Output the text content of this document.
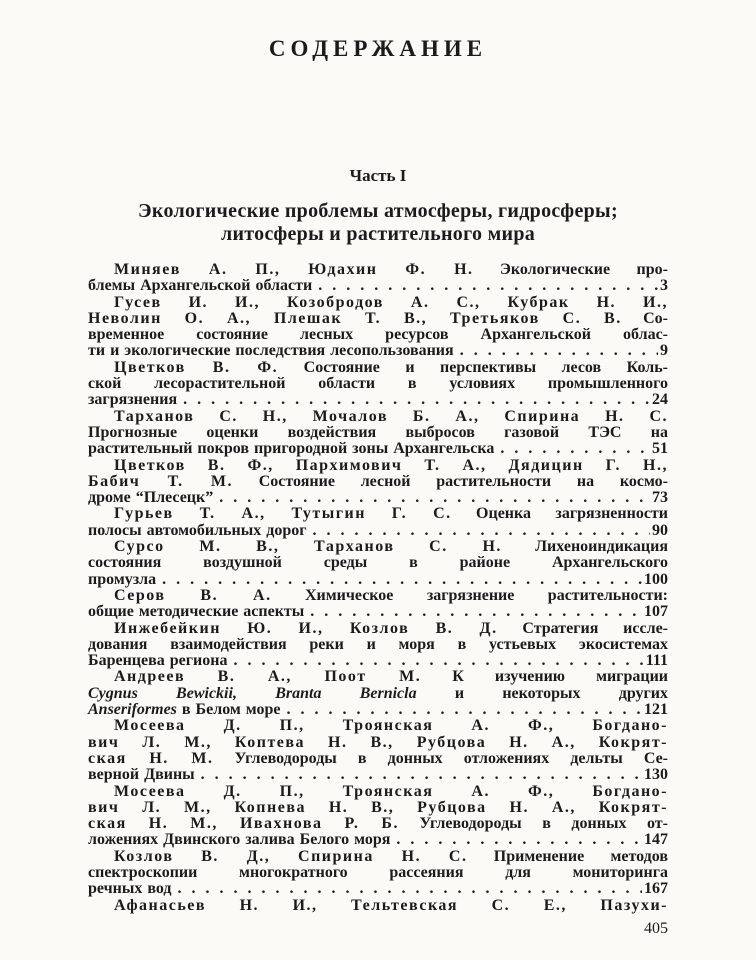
СОДЕРЖАНИЕ
Часть I
Экологические проблемы атмосферы, гидросферы;
литосферы и растительного мира
Миняев А. П., Юдахин Ф. Н. Экологические про-
блемы Архангельской области . . .	3
Гусев И. И., Козобродов А. С., Кубрак Н. И.,
Неволин О. А., Плешак Т. В., Третьяков С. В. Со-
временное состояние лесных ресурсов Архангельской облас-
ти и экологические последствия лесопользования . . .	9
Цветков В. Ф. Состояние и перспективы лесов Коль-
ской лесорастительной области в условиях промышленного
загрязнения . . .	24
Тарханов С. Н., Мочалов Б. А., Спирина Н. С.
Прогнозные оценки воздействия выбросов газовой ТЭС на
растительный покров пригородной зоны Архангельска . . .	51
Цветков В. Ф., Пархимович Т. А., Дядицин Г. Н.,
Бабич Т. М. Состояние лесной растительности на космо-
дроме “Плесецк” . . .	73
Гурьев Т. А., Тутыгин Г. С. Оценка загрязненности
полосы автомобильных дорог . . .	90
Сурсо М. В., Тарханов С. Н. Лихеноиндикация
состояния воздушной среды в районе Архангельского
промузла . . .	100
Серов В. А. Химическое загрязнение растительности:
общие методические аспекты . . .	107
Инжебейкин Ю. И., Козлов В. Д. Стратегия иссле-
дования взаимодействия реки и моря в устьевых экосистемах
Баренцева региона . . .	111
Андреев В. А., Поот М. К изучению миграции
Cygnus Bewickii, Branta Bernicla и некоторых других
Anseriformes в Белом море . . .	121
Мосеева Д. П., Троянская А. Ф., Богдано-
вич Л. М., Коптева Н. В., Рубцова Н. А., Кокрят-
ская Н. М. Углеводороды в донных отложениях дельты Се-
верной Двины . . .	130
Мосеева Д. П., Троянская А. Ф., Богдано-
вич Л. М., Копнева Н. В., Рубцова Н. А., Кокрят-
ская Н. М., Ивахнова Р. Б. Углеводороды в донных от-
ложениях Двинского залива Белого моря . . .	147
Козлов В. Д., Спирина Н. С. Применение методов
спектроскопии многократного рассеяния для мониторинга
речных вод . . .	167
Афанасьев Н. И., Тельтевская С. Е., Пазухи-
405
